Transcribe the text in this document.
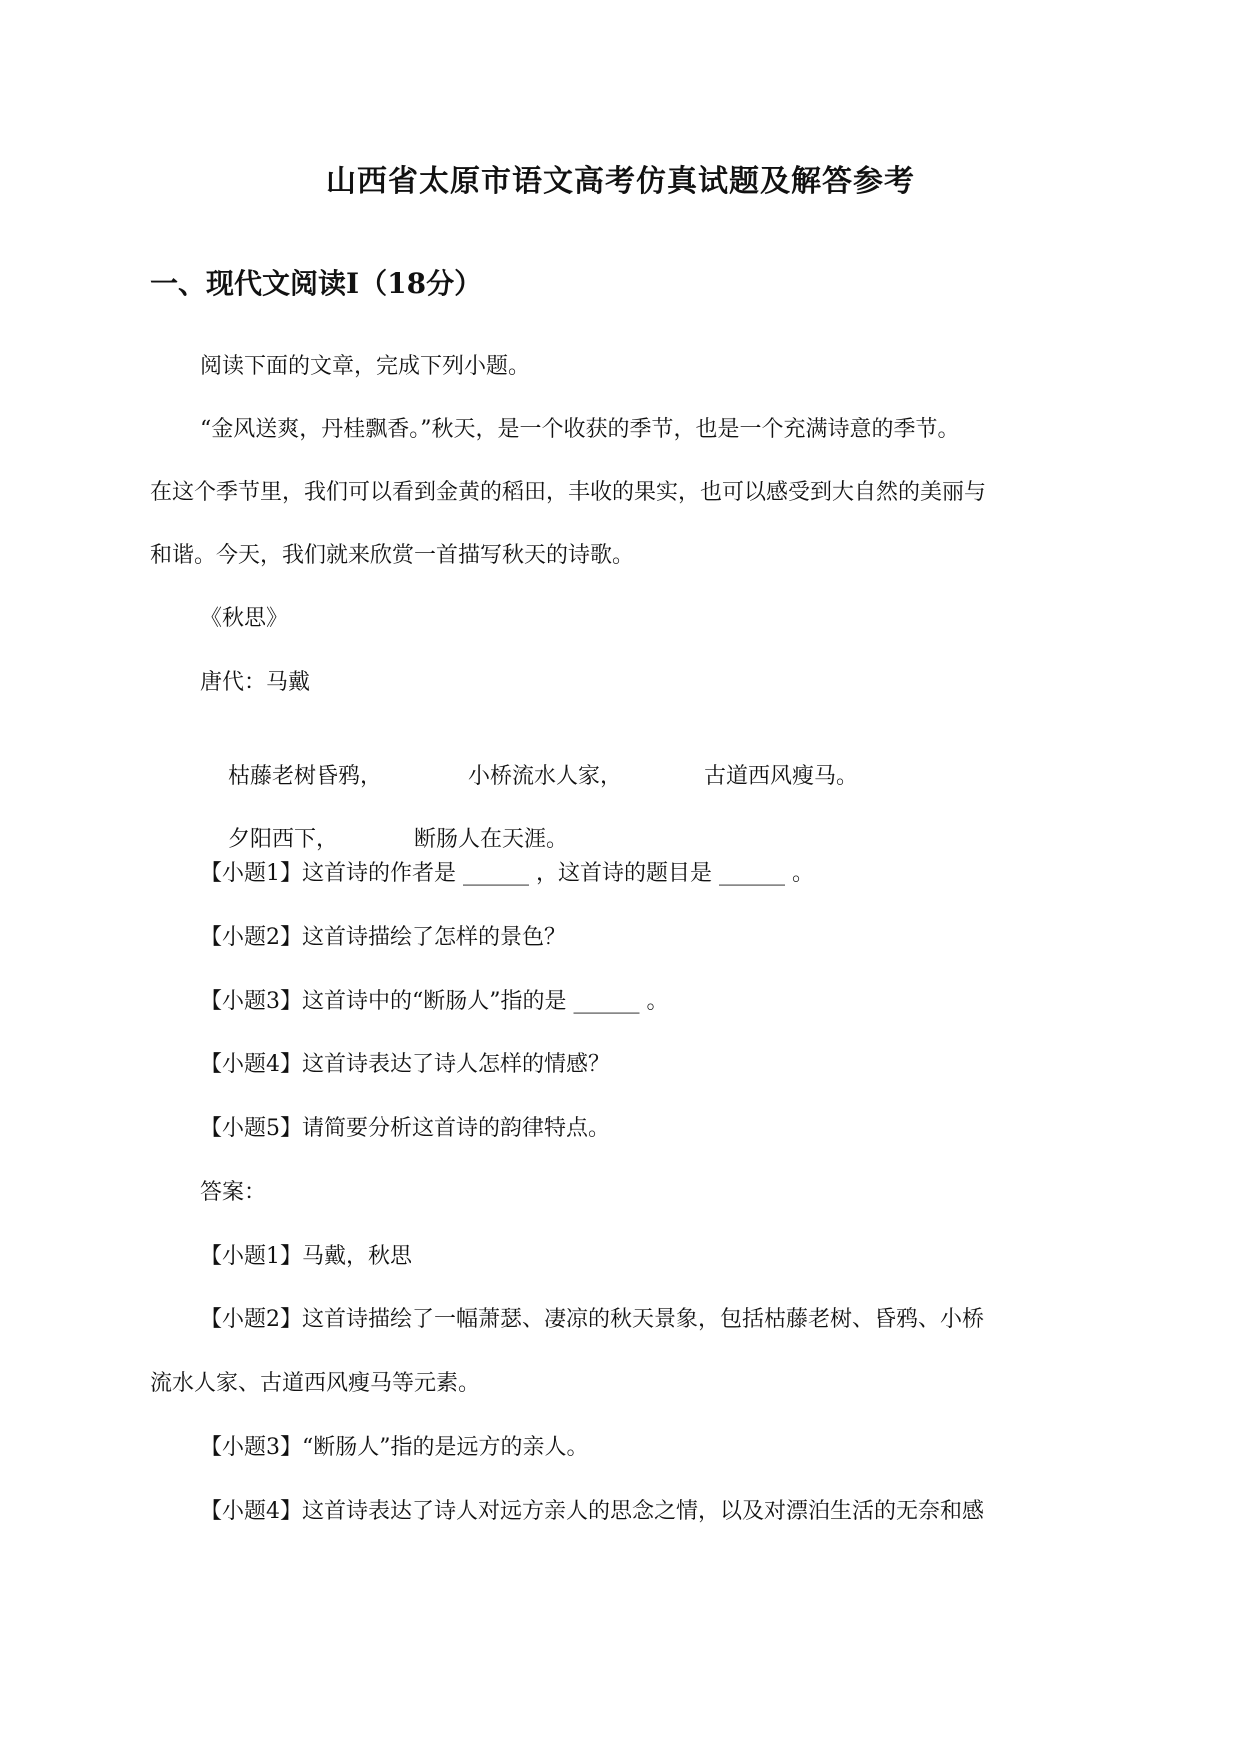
山西省太原市语文高考仿真试题及解答参考
一、现代文阅读Ⅰ（18分）

阅读下面的文章，完成下列小题。

“金风送爽，丹桂飘香。”秋天，是一个收获的季节，也是一个充满诗意的季节。

在这个季节里，我们可以看到金黄的稻田，丰收的果实，也可以感受到大自然的美丽与

和谐。今天，我们就来欣赏一首描写秋天的诗歌。

《秋思》

唐代：马戴

枯藤老树昏鸦，	小桥流水人家，	古道西风瘦马。

夕阳西下，	断肠人在天涯。

【小题1】这首诗的作者是 ______ ，这首诗的题目是 ______ 。

【小题2】这首诗描绘了怎样的景色？

【小题3】这首诗中的“断肠人”指的是 ______ 。

【小题4】这首诗表达了诗人怎样的情感？

【小题5】请简要分析这首诗的韵律特点。

答案：

【小题1】马戴，秋思

【小题2】这首诗描绘了一幅萧瑟、凄凉的秋天景象，包括枯藤老树、昏鸦、小桥

流水人家、古道西风瘦马等元素。

【小题3】“断肠人”指的是远方的亲人。

【小题4】这首诗表达了诗人对远方亲人的思念之情，以及对漂泊生活的无奈和感
